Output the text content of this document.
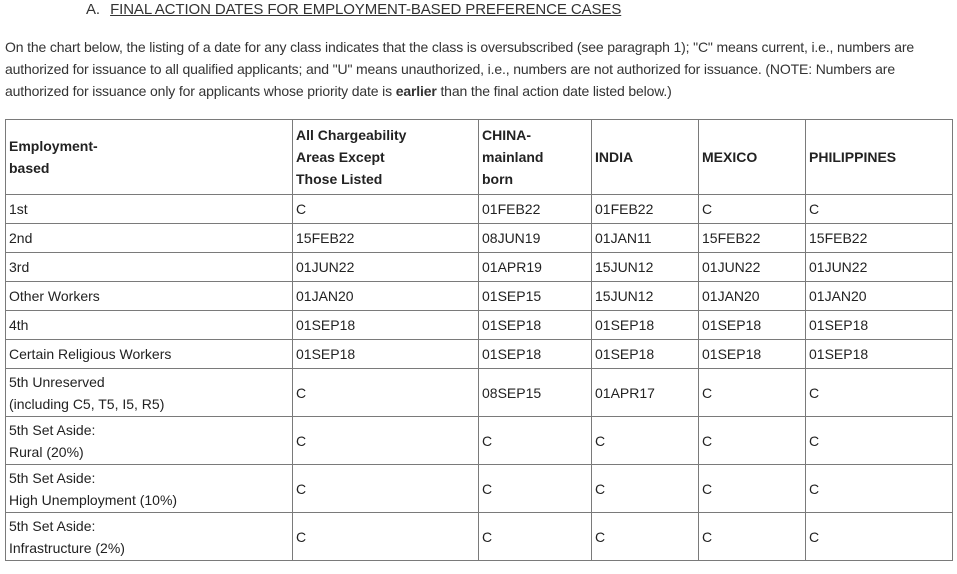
A. FINAL ACTION DATES FOR EMPLOYMENT-BASED PREFERENCE CASES
On the chart below, the listing of a date for any class indicates that the class is oversubscribed (see paragraph 1); "C" means current, i.e., numbers are authorized for issuance to all qualified applicants; and "U" means unauthorized, i.e., numbers are not authorized for issuance. (NOTE: Numbers are authorized for issuance only for applicants whose priority date is earlier than the final action date listed below.)
Employment-
based	All Chargeability
Areas Except
Those Listed	CHINA-
mainland
born	INDIA	MEXICO	PHILIPPINES
1st	C	01FEB22	01FEB22	C	C
2nd	15FEB22	08JUN19	01JAN11	15FEB22	15FEB22
3rd	01JUN22	01APR19	15JUN12	01JUN22	01JUN22
Other Workers	01JAN20	01SEP15	15JUN12	01JAN20	01JAN20
4th	01SEP18	01SEP18	01SEP18	01SEP18	01SEP18
Certain Religious Workers	01SEP18	01SEP18	01SEP18	01SEP18	01SEP18
5th Unreserved
(including C5, T5, I5, R5)	C	08SEP15	01APR17	C	C
5th Set Aside:
Rural (20%)	C	C	C	C	C
5th Set Aside:
High Unemployment (10%)	C	C	C	C	C
5th Set Aside:
Infrastructure (2%)	C	C	C	C	C
